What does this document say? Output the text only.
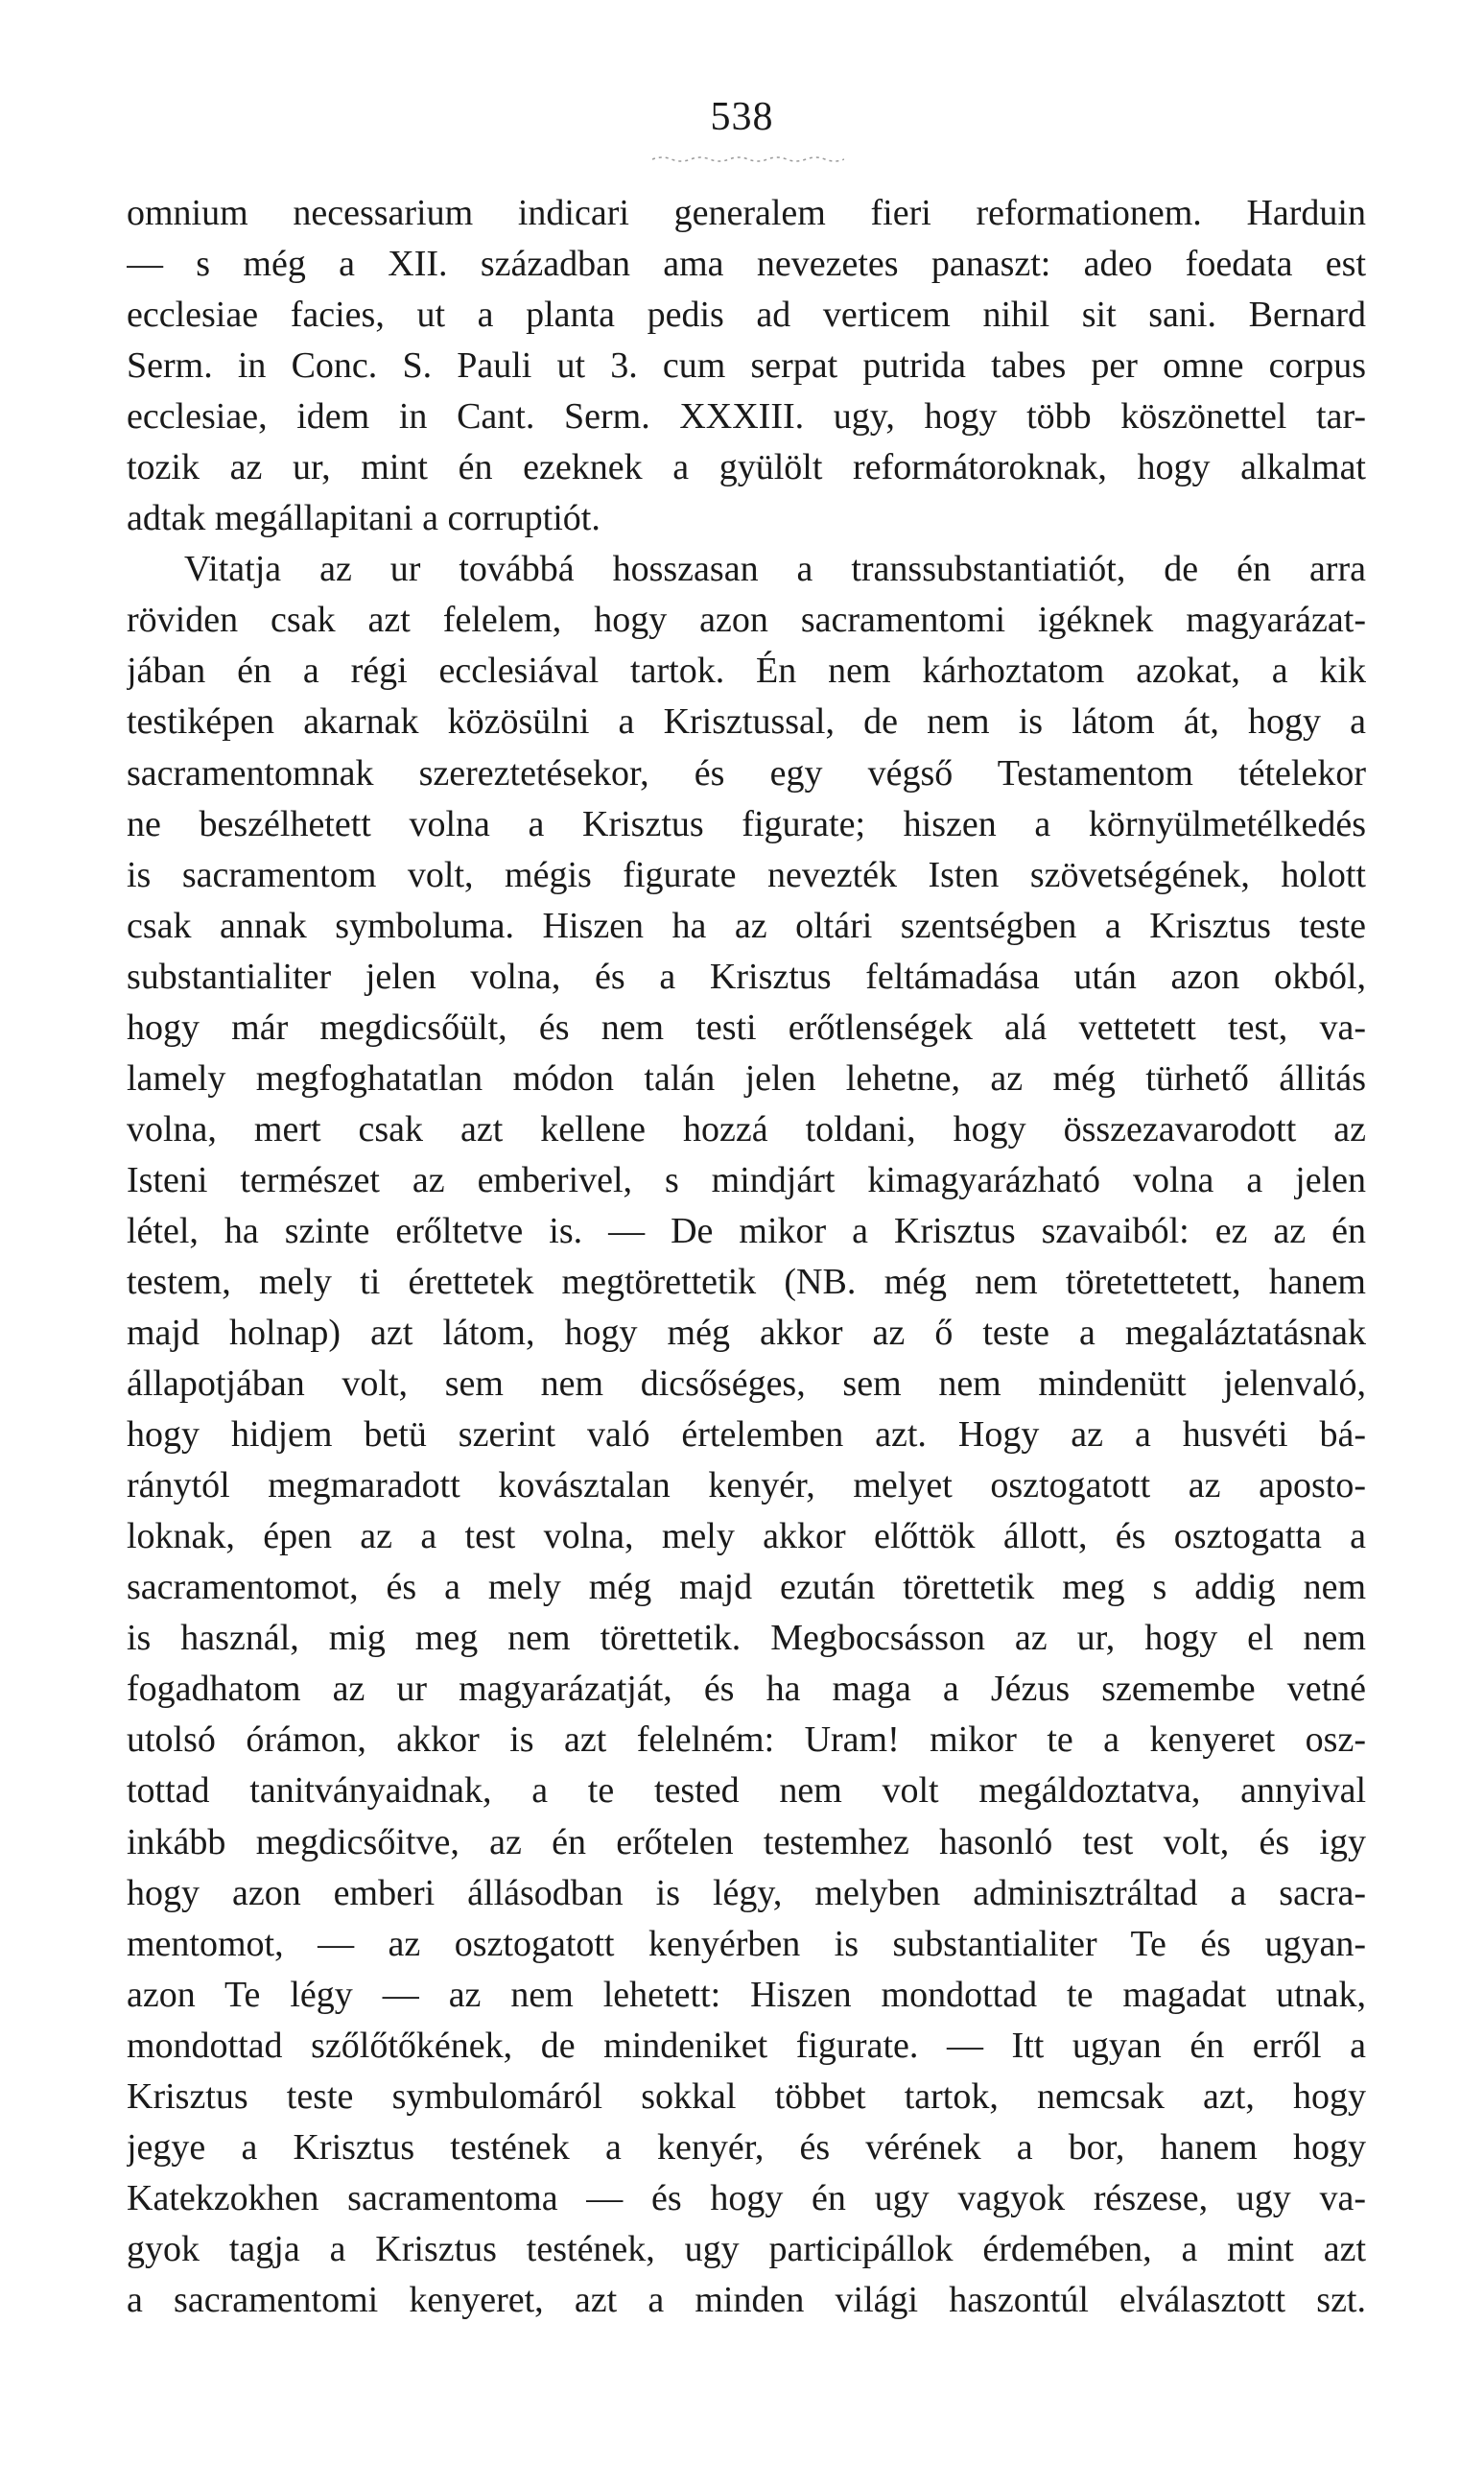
538
omnium necessarium indicari generalem fieri reformationem. Harduin
— s még a XII. században ama nevezetes panaszt: adeo foedata est
ecclesiae facies, ut a planta pedis ad verticem nihil sit sani. Bernard
Serm. in Conc. S. Pauli ut 3. cum serpat putrida tabes per omne corpus
ecclesiae, idem in Cant. Serm. XXXIII. ugy, hogy több köszönettel tar-
tozik az ur, mint én ezeknek a gyülölt reformátoroknak, hogy alkalmat
adtak megállapitani a corruptiót.
Vitatja az ur továbbá hosszasan a transsubstantiatiót, de én arra
röviden csak azt felelem, hogy azon sacramentomi igéknek magyarázat-
jában én a régi ecclesiával tartok. Én nem kárhoztatom azokat, a kik
testiképen akarnak közösülni a Krisztussal, de nem is látom át, hogy a
sacramentomnak szereztetésekor, és egy végső Testamentom tételekor
ne beszélhetett volna a Krisztus figurate; hiszen a környülmetélkedés
is sacramentom volt, mégis figurate nevezték Isten szövetségének, holott
csak annak symboluma. Hiszen ha az oltári szentségben a Krisztus teste
substantialiter jelen volna, és a Krisztus feltámadása után azon okból,
hogy már megdicsőült, és nem testi erőtlenségek alá vettetett test, va-
lamely megfoghatatlan módon talán jelen lehetne, az még türhető állitás
volna, mert csak azt kellene hozzá toldani, hogy összezavarodott az
Isteni természet az emberivel, s mindjárt kimagyarázható volna a jelen
létel, ha szinte erőltetve is. — De mikor a Krisztus szavaiból: ez az én
testem, mely ti érettetek megtörettetik (NB. még nem töretettetett, hanem
majd holnap) azt látom, hogy még akkor az ő teste a megaláztatásnak
állapotjában volt, sem nem dicsőséges, sem nem mindenütt jelenvaló,
hogy hidjem betü szerint való értelemben azt. Hogy az a husvéti bá-
ránytól megmaradott kovásztalan kenyér, melyet osztogatott az aposto-
loknak, épen az a test volna, mely akkor előttök állott, és osztogatta a
sacramentomot, és a mely még majd ezután törettetik meg s addig nem
is használ, mig meg nem törettetik. Megbocsásson az ur, hogy el nem
fogadhatom az ur magyarázatját, és ha maga a Jézus szemembe vetné
utolsó órámon, akkor is azt felelném: Uram! mikor te a kenyeret osz-
tottad tanitványaidnak, a te tested nem volt megáldoztatva, annyival
inkább megdicsőitve, az én erőtelen testemhez hasonló test volt, és igy
hogy azon emberi állásodban is légy, melyben adminisztráltad a sacra-
mentomot, — az osztogatott kenyérben is substantialiter Te és ugyan-
azon Te légy — az nem lehetett: Hiszen mondottad te magadat utnak,
mondottad szőlőtőkének, de mindeniket figurate. — Itt ugyan én erről a
Krisztus teste symbulomáról sokkal többet tartok, nemcsak azt, hogy
jegye a Krisztus testének a kenyér, és vérének a bor, hanem hogy
Katekzokhen sacramentoma — és hogy én ugy vagyok részese, ugy va-
gyok tagja a Krisztus testének, ugy participállok érdemében, a mint azt
a sacramentomi kenyeret, azt a minden világi haszontúl elválasztott szt.
